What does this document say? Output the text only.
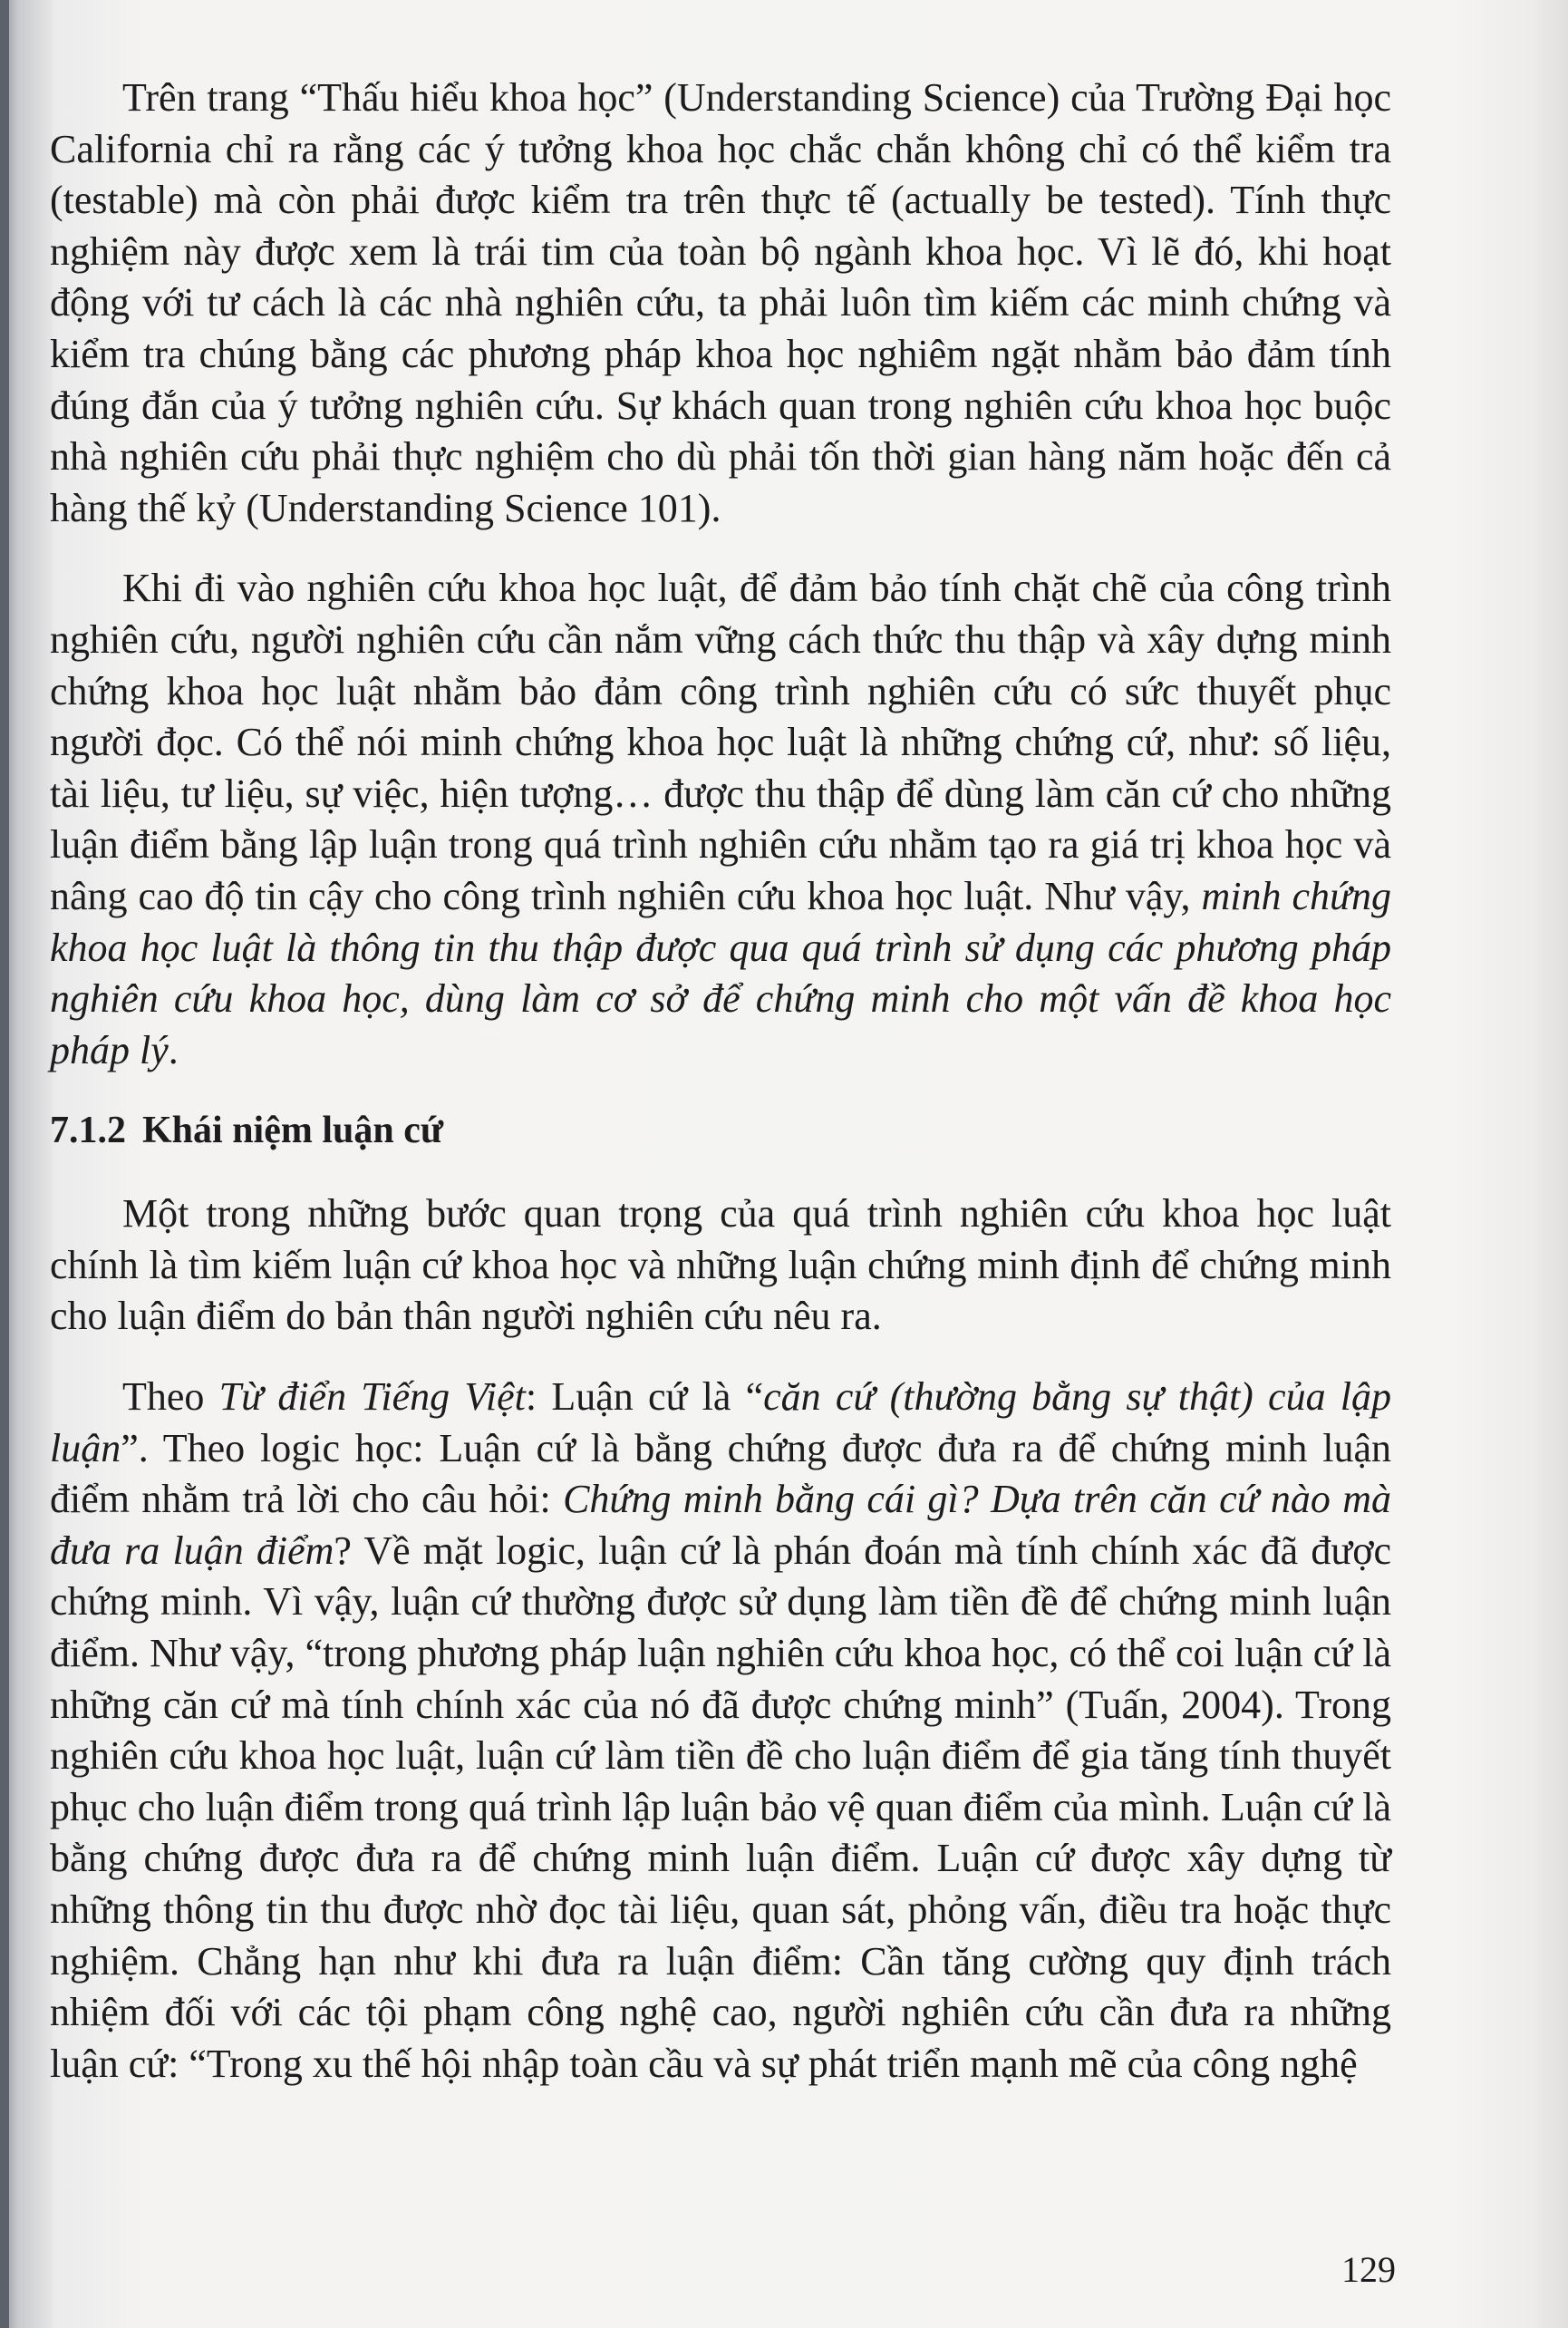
Trên trang “Thấu hiểu khoa học” (Understanding Science) của Trường Đại học California chỉ ra rằng các ý tưởng khoa học chắc chắn không chỉ có thể kiểm tra (testable) mà còn phải được kiểm tra trên thực tế (actually be tested). Tính thực nghiệm này được xem là trái tim của toàn bộ ngành khoa học. Vì lẽ đó, khi hoạt động với tư cách là các nhà nghiên cứu, ta phải luôn tìm kiếm các minh chứng và kiểm tra chúng bằng các phương pháp khoa học nghiêm ngặt nhằm bảo đảm tính đúng đắn của ý tưởng nghiên cứu. Sự khách quan trong nghiên cứu khoa học buộc nhà nghiên cứu phải thực nghiệm cho dù phải tốn thời gian hàng năm hoặc đến cả hàng thế kỷ (Understanding Science 101).

Khi đi vào nghiên cứu khoa học luật, để đảm bảo tính chặt chẽ của công trình nghiên cứu, người nghiên cứu cần nắm vững cách thức thu thập và xây dựng minh chứng khoa học luật nhằm bảo đảm công trình nghiên cứu có sức thuyết phục người đọc. Có thể nói minh chứng khoa học luật là những chứng cứ, như: số liệu, tài liệu, tư liệu, sự việc, hiện tượng… được thu thập để dùng làm căn cứ cho những luận điểm bằng lập luận trong quá trình nghiên cứu nhằm tạo ra giá trị khoa học và nâng cao độ tin cậy cho công trình nghiên cứu khoa học luật. Như vậy, minh chứng khoa học luật là thông tin thu thập được qua quá trình sử dụng các phương pháp nghiên cứu khoa học, dùng làm cơ sở để chứng minh cho một vấn đề khoa học pháp lý.

7.1.2 Khái niệm luận cứ

Một trong những bước quan trọng của quá trình nghiên cứu khoa học luật chính là tìm kiếm luận cứ khoa học và những luận chứng minh định để chứng minh cho luận điểm do bản thân người nghiên cứu nêu ra.

Theo Từ điển Tiếng Việt: Luận cứ là “căn cứ (thường bằng sự thật) của lập luận”. Theo logic học: Luận cứ là bằng chứng được đưa ra để chứng minh luận điểm nhằm trả lời cho câu hỏi: Chứng minh bằng cái gì? Dựa trên căn cứ nào mà đưa ra luận điểm? Về mặt logic, luận cứ là phán đoán mà tính chính xác đã được chứng minh. Vì vậy, luận cứ thường được sử dụng làm tiền đề để chứng minh luận điểm. Như vậy, “trong phương pháp luận nghiên cứu khoa học, có thể coi luận cứ là những căn cứ mà tính chính xác của nó đã được chứng minh” (Tuấn, 2004). Trong nghiên cứu khoa học luật, luận cứ làm tiền đề cho luận điểm để gia tăng tính thuyết phục cho luận điểm trong quá trình lập luận bảo vệ quan điểm của mình. Luận cứ là bằng chứng được đưa ra để chứng minh luận điểm. Luận cứ được xây dựng từ những thông tin thu được nhờ đọc tài liệu, quan sát, phỏng vấn, điều tra hoặc thực nghiệm. Chẳng hạn như khi đưa ra luận điểm: Cần tăng cường quy định trách nhiệm đối với các tội phạm công nghệ cao, người nghiên cứu cần đưa ra những luận cứ: “Trong xu thế hội nhập toàn cầu và sự phát triển mạnh mẽ của công nghệ

129
